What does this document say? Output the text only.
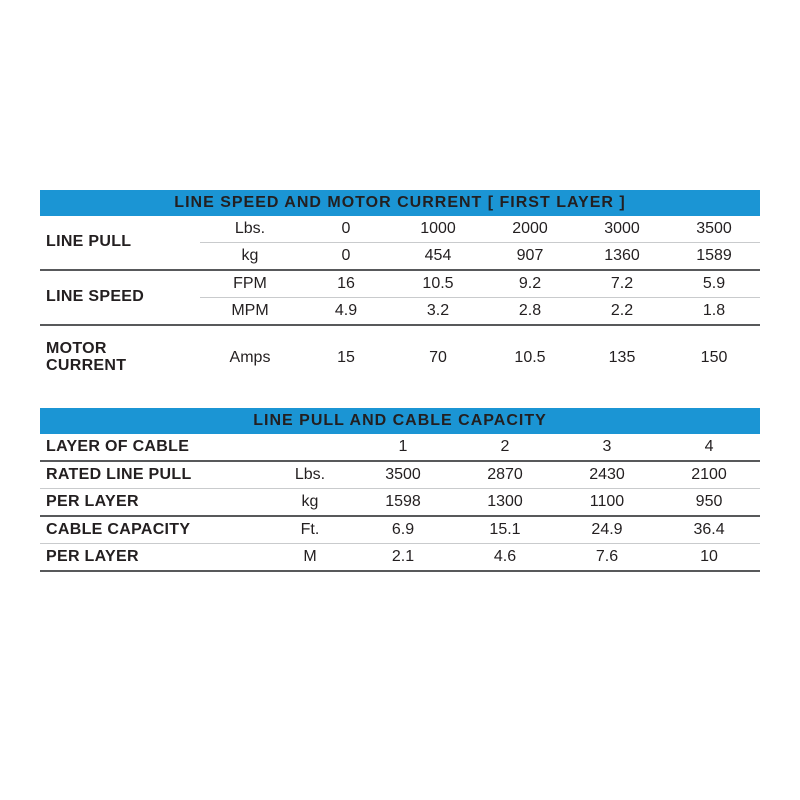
LINE SPEED AND MOTOR CURRENT [ FIRST LAYER ]						
LINE PULL	Lbs.	0	1000	2000	3000	3500
	kg	0	454	907	1360	1589
LINE SPEED	FPM	16	10.5	9.2	7.2	5.9
	MPM	4.9	3.2	2.8	2.2	1.8
MOTOR
CURRENT	Amps	15	70	10.5	135	150
LINE PULL AND CABLE CAPACITY					
LAYER OF CABLE		1	2	3	4
RATED LINE PULL	Lbs.	3500	2870	2430	2100
PER LAYER	kg	1598	1300	1100	950
CABLE CAPACITY	Ft.	6.9	15.1	24.9	36.4
PER LAYER	M	2.1	4.6	7.6	10
